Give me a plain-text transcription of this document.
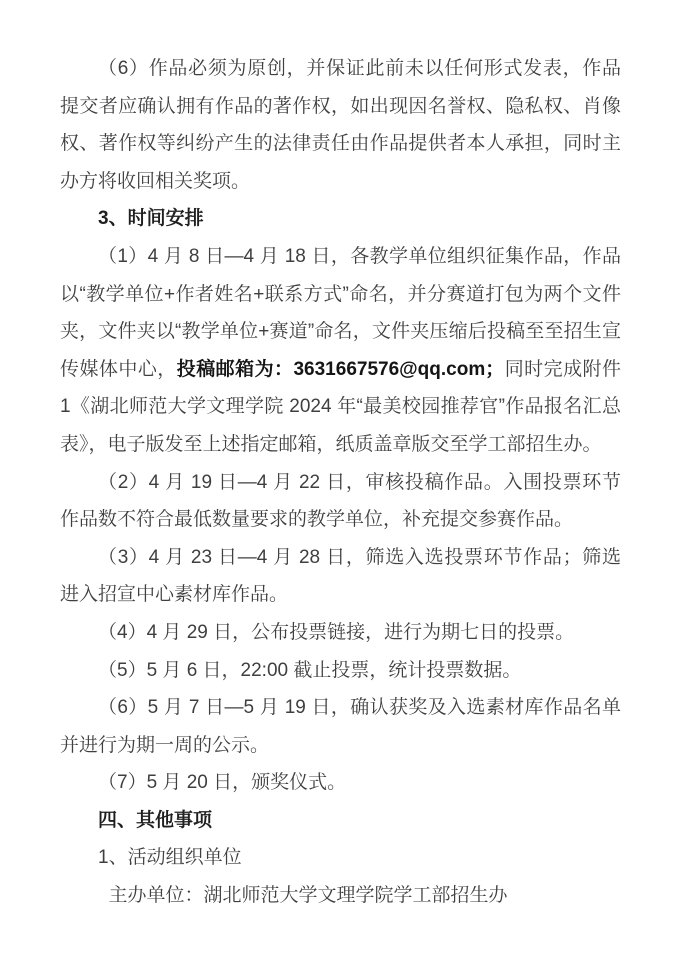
（6）作品必须为原创，并保证此前未以任何形式发表，作品提交者应确认拥有作品的著作权，如出现因名誉权、隐私权、肖像权、著作权等纠纷产生的法律责任由作品提供者本人承担，同时主办方将收回相关奖项。

3、时间安排

（1）4 月 8 日—4 月 18 日，各教学单位组织征集作品，作品以“教学单位+作者姓名+联系方式”命名，并分赛道打包为两个文件夹，文件夹以“教学单位+赛道”命名，文件夹压缩后投稿至至招生宣传媒体中心，投稿邮箱为：3631667576@qq.com；同时完成附件 1《湖北师范大学文理学院 2024 年“最美校园推荐官”作品报名汇总表》，电子版发至上述指定邮箱，纸质盖章版交至学工部招生办。

（2）4 月 19 日—4 月 22 日，审核投稿作品。入围投票环节作品数不符合最低数量要求的教学单位，补充提交参赛作品。

（3）4 月 23 日—4 月 28 日，筛选入选投票环节作品；筛选进入招宣中心素材库作品。

（4）4 月 29 日，公布投票链接，进行为期七日的投票。

（5）5 月 6 日，22:00 截止投票，统计投票数据。

（6）5 月 7 日—5 月 19 日，确认获奖及入选素材库作品名单并进行为期一周的公示。

（7）5 月 20 日，颁奖仪式。

四、其他事项

1、活动组织单位

主办单位：湖北师范大学文理学院学工部招生办
